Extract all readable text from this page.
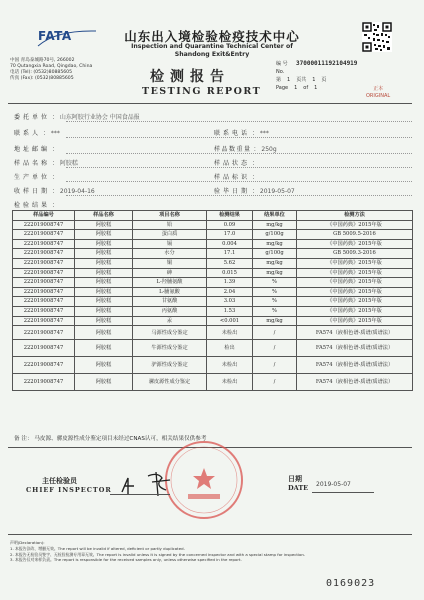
FATA	山东出入境检验检疫技术中心
Inspection and Quarantine Technical Center of
Shandong Exit&Entry
中国 青岛泰城路70号, 266002
70 Qutangxia Road, Qingdao, China
电话 (Tel): (0532)80885605
传真 (Fax): (0532)80885605	检测报告
TESTING REPORT
编 号	37000011192104919
No.
第 1 页共 1 页
Page 1 of 1	正本
ORIGINAL
委托单位 ： 山东阿胶行业协会 中国食品报
联系人 ： ***	联系电话 ： ***
地址邮编 ：	样品数重量 ： 250g
样品名称 ： 阿胶糕	样品状态 ：
生产单位 ：	样品标识 ：
收样日期 ： 2019-04-16	验毕日期 ： 2019-05-07
检验结果 ：
样品编号	样品名称	项目名称	检测结果	结果单位	检测方法
222019008747	阿胶糕	铅	0.09	mg/kg	《中国药典》2015年版
222019008747	阿胶糕	蛋白质	17.0	g/100g	GB 5009.5-2016
222019008747	阿胶糕	镉	0.004	mg/kg	《中国药典》2015年版
222019008747	阿胶糕	水分	17.1	g/100g	GB 5009.3-2016
222019008747	阿胶糕	铜	5.62	mg/kg	《中国药典》2015年版
222019008747	阿胶糕	砷	0.015	mg/kg	《中国药典》2015年版
222019008747	阿胶糕	L-羟脯氨酸	1.39	%	《中国药典》2015年版
222019008747	阿胶糕	L-脯氨酸	2.04	%	《中国药典》2015年版
222019008747	阿胶糕	甘氨酸	3.03	%	《中国药典》2015年版
222019008747	阿胶糕	丙氨酸	1.53	%	《中国药典》2015年版
222019008747	阿胶糕	汞	<0.001	mg/kg	《中国药典》2015年版
222019008747	阿胶糕	马源性成分鉴定	未检出	/	FA574（液相色谱-质谱/质谱法）
222019008747	阿胶糕	牛源性成分鉴定	检出	/	FA574（液相色谱-质谱/质谱法）
222019008747	阿胶糕	驴源性成分鉴定	未检出	/	FA574（液相色谱-质谱/质谱法）
222019008747	阿胶糕	骡皮源性成分鉴定	未检出	/	FA574（液相色谱-质谱/质谱法）
备 注： 马皮源、骡皮源性成分鉴定项目未经过CNAS认可，相关结果仅供参考
主任检验员
CHIEF INSPECTOR
日期
DATE 2019-05-07
声明(Declaration):
1. 本报告涂改、增删无效。The report will be invalid if altered, deficient or partly duplicated.
2. 本报告无检验员签字、无检验检测专用章无效。The report is invalid unless it is signed by the concerned inspector and with a special stamp for inspection.
3. 本报告仅对来样负责。The report is responsible for the received samples only, unless otherwise specified in the report.
0169023
